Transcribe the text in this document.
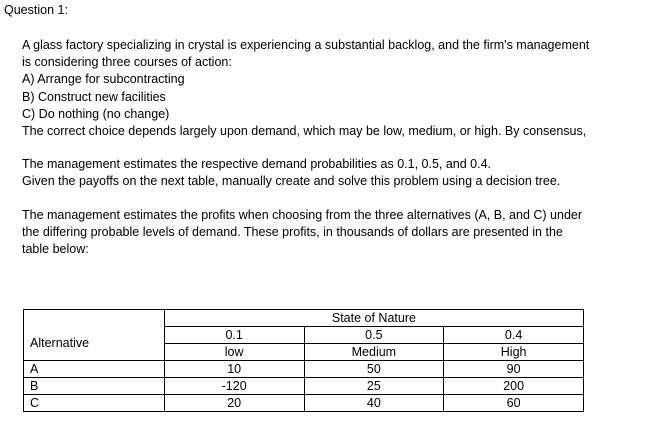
Question 1:
A glass factory specializing in crystal is experiencing a substantial backlog, and the firm's management
is considering three courses of action:
A) Arrange for subcontracting
B) Construct new facilities
C) Do nothing (no change)
The correct choice depends largely upon demand, which may be low, medium, or high. By consensus,
The management estimates the respective demand probabilities as 0.1, 0.5, and 0.4.
Given the payoffs on the next table, manually create and solve this problem using a decision tree.
The management estimates the profits when choosing from the three alternatives (A, B, and C) under
the differing probable levels of demand. These profits, in thousands of dollars are presented in the
table below:
	State of Nature		
Alternative	0.1	0.5	0.4
	low	Medium	High
A	10	50	90
B	-120	25	200
C	20	40	60
